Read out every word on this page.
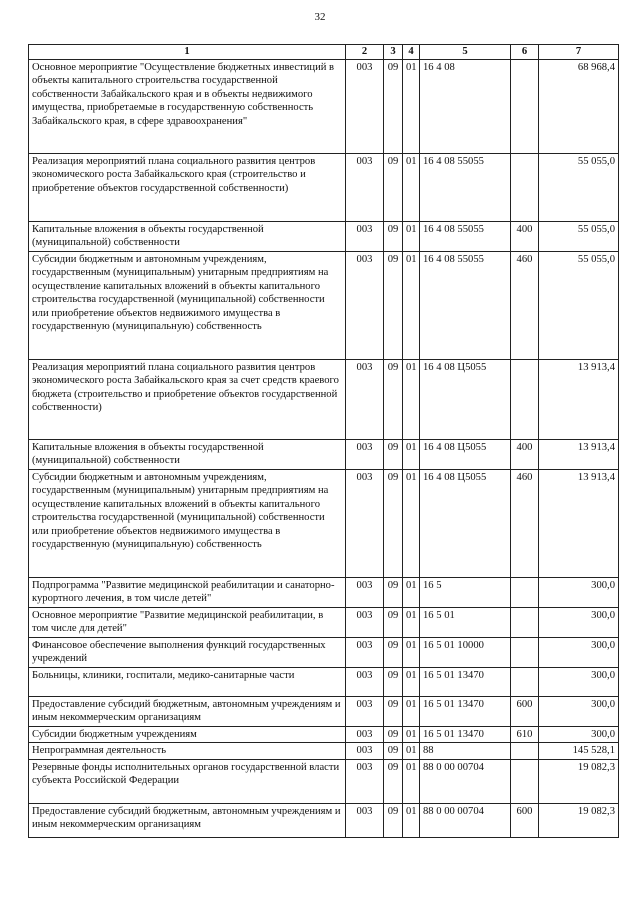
32
1	2	3	4	5	6	7
Основное мероприятие "Осуществление бюджетных инвестиций в объекты капитального строительства государственной собственности Забайкальского края и в объекты недвижимого имущества, приобретаемые в государственную собственность Забайкальского края, в сфере здравоохранения"	003	09	01	16 4 08		68 968,4
Реализация мероприятий плана социального развития центров экономического роста Забайкальского края (строительство и приобретение объектов государственной собственности)	003	09	01	16 4 08 55055		55 055,0
Капитальные вложения в объекты государственной (муниципальной) собственности	003	09	01	16 4 08 55055	400	55 055,0
Субсидии бюджетным и автономным учреждениям, государственным (муниципальным) унитарным предприятиям на осуществление капитальных вложений в объекты капитального строительства государственной (муниципальной) собственности или приобретение объектов недвижимого имущества в государственную (муниципальную) собственность	003	09	01	16 4 08 55055	460	55 055,0
Реализация мероприятий плана социального развития центров экономического роста Забайкальского края за счет средств краевого бюджета (строительство и приобретение объектов государственной собственности)	003	09	01	16 4 08 Ц5055		13 913,4
Капитальные вложения в объекты государственной (муниципальной) собственности	003	09	01	16 4 08 Ц5055	400	13 913,4
Субсидии бюджетным и автономным учреждениям, государственным (муниципальным) унитарным предприятиям на осуществление капитальных вложений в объекты капитального строительства государственной (муниципальной) собственности или приобретение объектов недвижимого имущества в государственную (муниципальную) собственность	003	09	01	16 4 08 Ц5055	460	13 913,4
Подпрограмма "Развитие медицинской реабилитации и санаторно-курортного лечения, в том числе детей"	003	09	01	16 5		300,0
Основное мероприятие "Развитие медицинской реабилитации, в том числе для детей"	003	09	01	16 5 01		300,0
Финансовое обеспечение выполнения функций государственных учреждений	003	09	01	16 5 01 10000		300,0
Больницы, клиники, госпитали, медико-санитарные части	003	09	01	16 5 01 13470		300,0
Предоставление субсидий бюджетным, автономным учреждениям и иным некоммерческим организациям	003	09	01	16 5 01 13470	600	300,0
Субсидии бюджетным учреждениям	003	09	01	16 5 01 13470	610	300,0
Непрограммная деятельность	003	09	01	88		145 528,1
Резервные фонды исполнительных органов государственной власти субъекта Российской Федерации	003	09	01	88 0 00 00704		19 082,3
Предоставление субсидий бюджетным, автономным учреждениям и иным некоммерческим организациям	003	09	01	88 0 00 00704	600	19 082,3
